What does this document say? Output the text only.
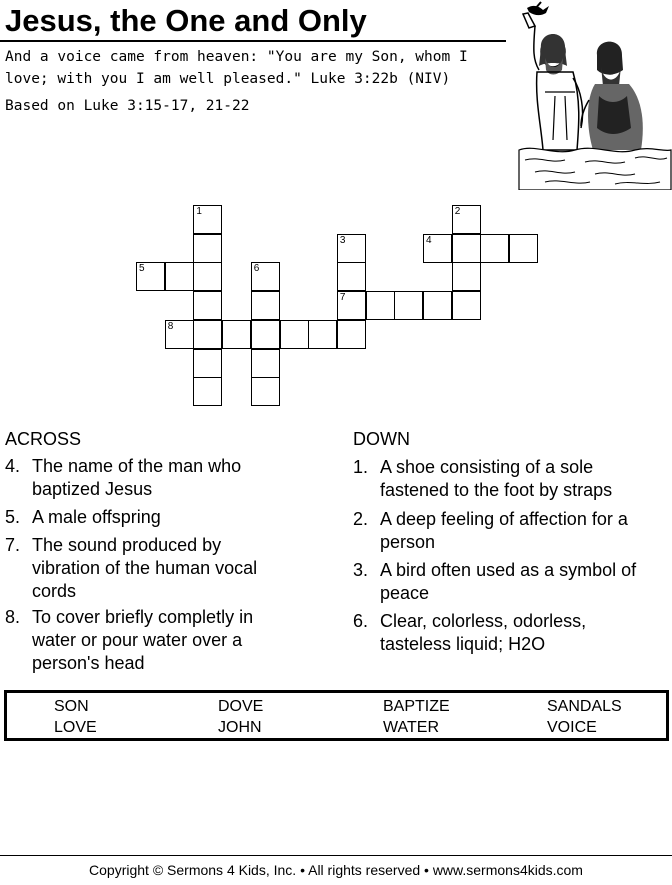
Jesus, the One and Only
And a voice came from heaven: "You are my Son, whom I
love; with you I am well pleased." Luke 3:22b (NIV)
Based on Luke 3:15-17, 21-22
1	2
3
7
4
5	6
8
ACROSS	DOWN
4. The name of the man who
baptized Jesus
5. A male offspring
7. The sound produced by
vibration of the human vocal
cords
8. To cover briefly completly in
water or pour water over a
person's head
1. A shoe consisting of a sole
fastened to the foot by straps
2. A deep feeling of affection for a
person
3. A bird often used as a symbol of
peace
6. Clear, colorless, odorless,
tasteless liquid; H2O
SON	DOVE	BAPTIZE	SANDALS
LOVE	JOHN	WATER	VOICE
Copyright © Sermons 4 Kids, Inc. • All rights reserved • www.sermons4kids.com
